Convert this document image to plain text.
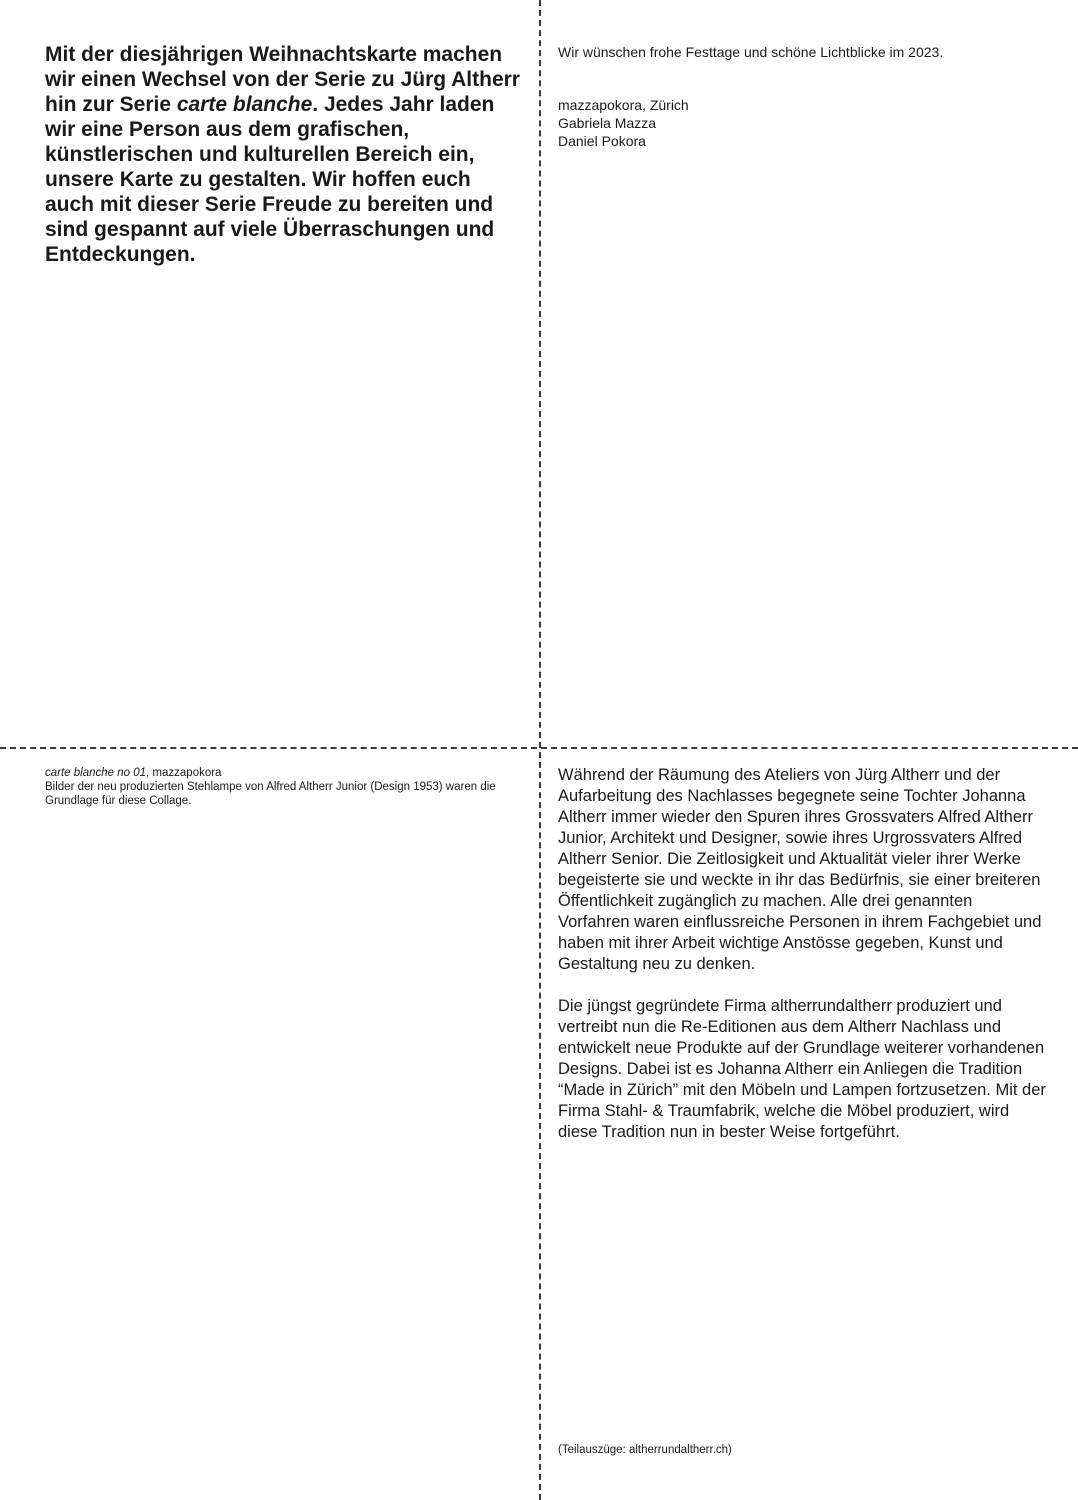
Mit der diesjährigen Weihnachtskarte machen wir einen Wechsel von der Serie zu Jürg Altherr hin zur Serie carte blanche. Jedes Jahr laden wir eine Person aus dem grafischen, künstlerischen und kulturellen Bereich ein, unsere Karte zu gestalten. Wir hoffen euch auch mit dieser Serie Freude zu bereiten und sind gespannt auf viele Überraschungen und Entdeckungen.

Wir wünschen frohe Festtage und schöne Lichtblicke im 2023.

mazzapokora, Zürich
Gabriela Mazza
Daniel Pokora

carte blanche no 01, mazzapokora
Bilder der neu produzierten Stehlampe von Alfred Altherr Junior (Design 1953) waren die Grundlage für diese Collage.

Während der Räumung des Ateliers von Jürg Altherr und der Aufarbeitung des Nachlasses begegnete seine Tochter Johanna Altherr immer wieder den Spuren ihres Grossvaters Alfred Altherr Junior, Architekt und Designer, sowie ihres Urgrossvaters Alfred Altherr Senior. Die Zeitlosigkeit und Aktualität vieler ihrer Werke begeisterte sie und weckte in ihr das Bedürfnis, sie einer breiteren Öffentlichkeit zugänglich zu machen. Alle drei genannten Vorfahren waren einflussreiche Personen in ihrem Fachgebiet und haben mit ihrer Arbeit wichtige Anstösse gegeben, Kunst und Gestaltung neu zu denken.

Die jüngst gegründete Firma altherrundaltherr produziert und vertreibt nun die Re-Editionen aus dem Altherr Nachlass und entwickelt neue Produkte auf der Grundlage weiterer vorhandenen Designs. Dabei ist es Johanna Altherr ein Anliegen die Tradition “Made in Zürich” mit den Möbeln und Lampen fortzusetzen. Mit der Firma Stahl- & Traumfabrik, welche die Möbel produziert, wird diese Tradition nun in bester Weise fortgeführt.

(Teilauszüge: altherrundaltherr.ch)
